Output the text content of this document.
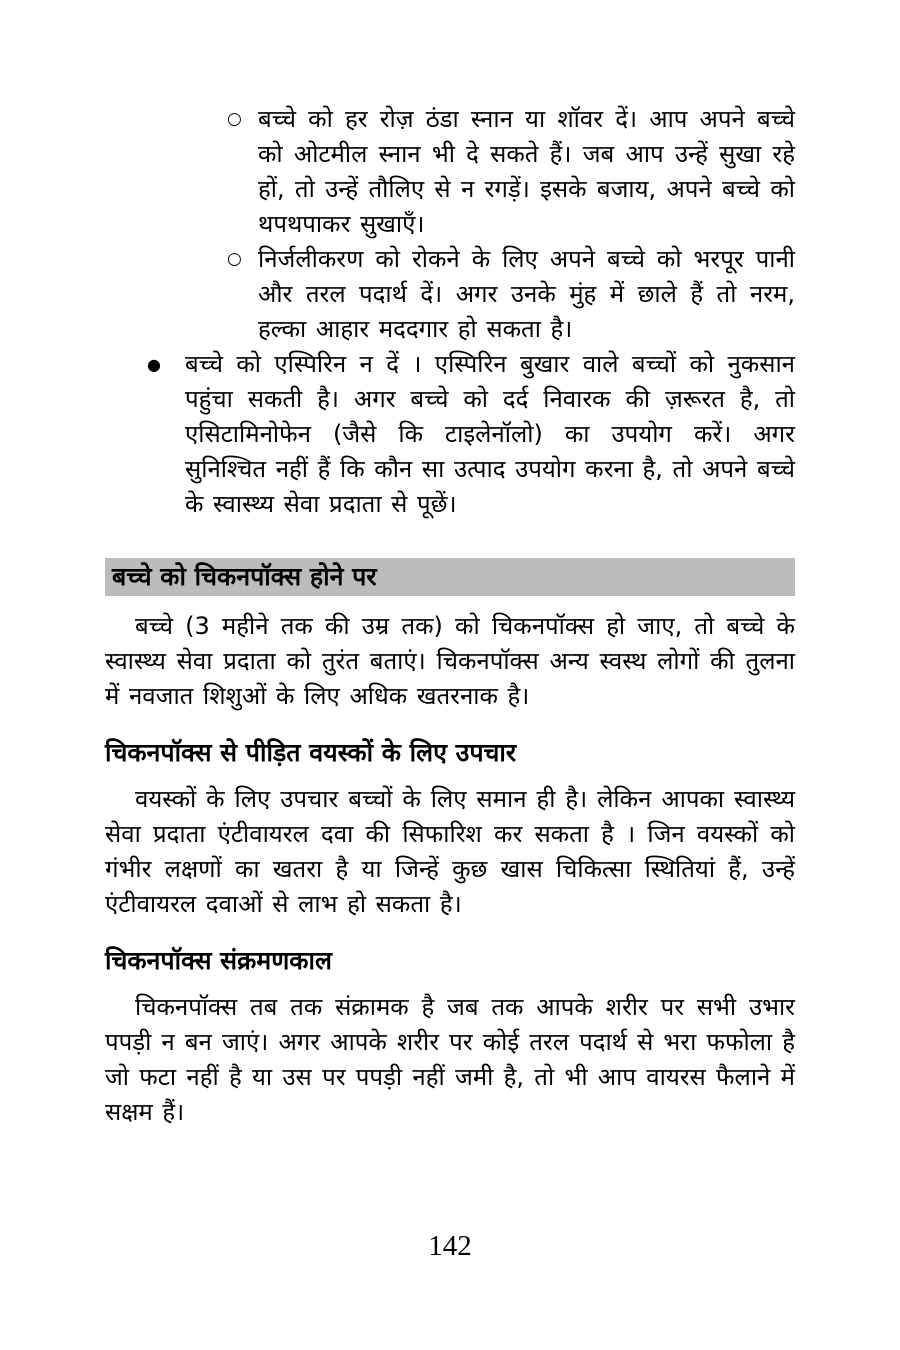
○ बच्चे को हर रोज़ ठंडा स्नान या शॉवर दें। आप अपने बच्चे को ओटमील स्नान भी दे सकते हैं। जब आप उन्हें सुखा रहे हों, तो उन्हें तौलिए से न रगड़ें। इसके बजाय, अपने बच्चे को थपथपाकर सुखाएँ।

○ निर्जलीकरण को रोकने के लिए अपने बच्चे को भरपूर पानी और तरल पदार्थ दें। अगर उनके मुंह में छाले हैं तो नरम, हल्का आहार मददगार हो सकता है।

●	बच्चे को एस्पिरिन न दें । एस्पिरिन बुखार वाले बच्चों को नुकसान पहुंचा सकती है। अगर बच्चे को दर्द निवारक की ज़रूरत है, तो एसिटामिनोफेन (जैसे कि टाइलेनॉलो) का उपयोग करें। अगर सुनिश्चित नहीं हैं कि कौन सा उत्पाद उपयोग करना है, तो अपने बच्चे के स्वास्थ्य सेवा प्रदाता से पूछें।

बच्चे को चिकनपॉक्स होने पर

बच्चे (3 महीने तक की उम्र तक) को चिकनपॉक्स हो जाए, तो बच्चे के स्वास्थ्य सेवा प्रदाता को तुरंत बताएं। चिकनपॉक्स अन्य स्वस्थ लोगों की तुलना में नवजात शिशुओं के लिए अधिक खतरनाक है।

चिकनपॉक्स से पीड़ित वयस्कों के लिए उपचार

वयस्कों के लिए उपचार बच्चों के लिए समान ही है। लेकिन आपका स्वास्थ्य सेवा प्रदाता एंटीवायरल दवा की सिफारिश कर सकता है । जिन वयस्कों को गंभीर लक्षणों का खतरा है या जिन्हें कुछ खास चिकित्सा स्थितियां हैं, उन्हें एंटीवायरल दवाओं से लाभ हो सकता है।

चिकनपॉक्स संक्रमणकाल

चिकनपॉक्स तब तक संक्रामक है जब तक आपके शरीर पर सभी उभार पपड़ी न बन जाएं। अगर आपके शरीर पर कोई तरल पदार्थ से भरा फफोला है जो फटा नहीं है या उस पर पपड़ी नहीं जमी है, तो भी आप वायरस फैलाने में सक्षम हैं।

142
